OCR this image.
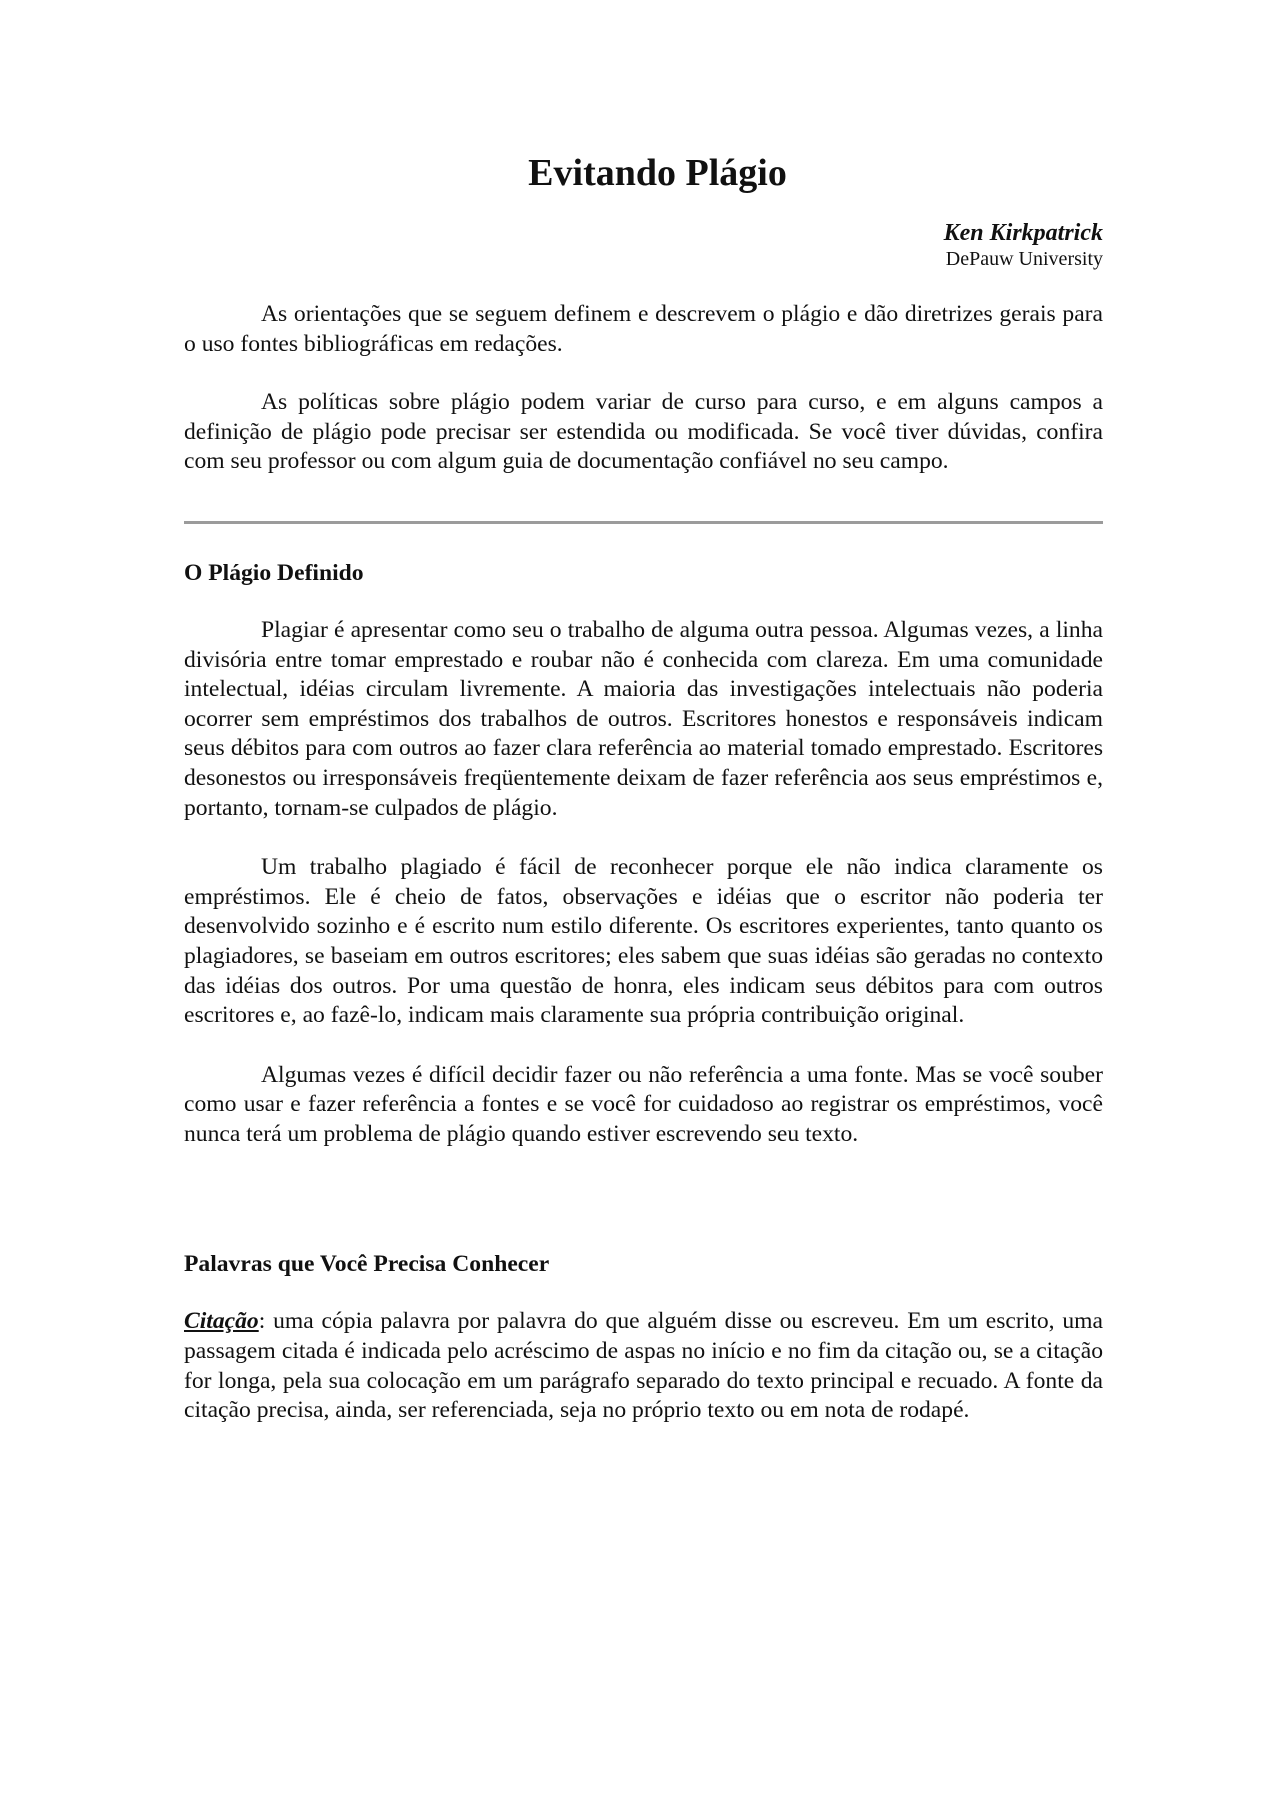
Evitando Plágio
Ken Kirkpatrick
DePauw University

As orientações que se seguem definem e descrevem o plágio e dão diretrizes gerais para o uso fontes bibliográficas em redações.

As políticas sobre plágio podem variar de curso para curso, e em alguns campos a definição de plágio pode precisar ser estendida ou modificada. Se você tiver dúvidas, confira com seu professor ou com algum guia de documentação confiável no seu campo.

O Plágio Definido

Plagiar é apresentar como seu o trabalho de alguma outra pessoa. Algumas vezes, a linha divisória entre tomar emprestado e roubar não é conhecida com clareza. Em uma comunidade intelectual, idéias circulam livremente. A maioria das investigações intelectuais não poderia ocorrer sem empréstimos dos trabalhos de outros. Escritores honestos e responsáveis indicam seus débitos para com outros ao fazer clara referência ao material tomado emprestado. Escritores desonestos ou irresponsáveis freqüentemente deixam de fazer referência aos seus empréstimos e, portanto, tornam-se culpados de plágio.

Um trabalho plagiado é fácil de reconhecer porque ele não indica claramente os empréstimos. Ele é cheio de fatos, observações e idéias que o escritor não poderia ter desenvolvido sozinho e é escrito num estilo diferente. Os escritores experientes, tanto quanto os plagiadores, se baseiam em outros escritores; eles sabem que suas idéias são geradas no contexto das idéias dos outros. Por uma questão de honra, eles indicam seus débitos para com outros escritores e, ao fazê-lo, indicam mais claramente sua própria contribuição original.

Algumas vezes é difícil decidir fazer ou não referência a uma fonte. Mas se você souber como usar e fazer referência a fontes e se você for cuidadoso ao registrar os empréstimos, você nunca terá um problema de plágio quando estiver escrevendo seu texto.

Palavras que Você Precisa Conhecer

Citação: uma cópia palavra por palavra do que alguém disse ou escreveu. Em um escrito, uma passagem citada é indicada pelo acréscimo de aspas no início e no fim da citação ou, se a citação for longa, pela sua colocação em um parágrafo separado do texto principal e recuado. A fonte da citação precisa, ainda, ser referenciada, seja no próprio texto ou em nota de rodapé.
